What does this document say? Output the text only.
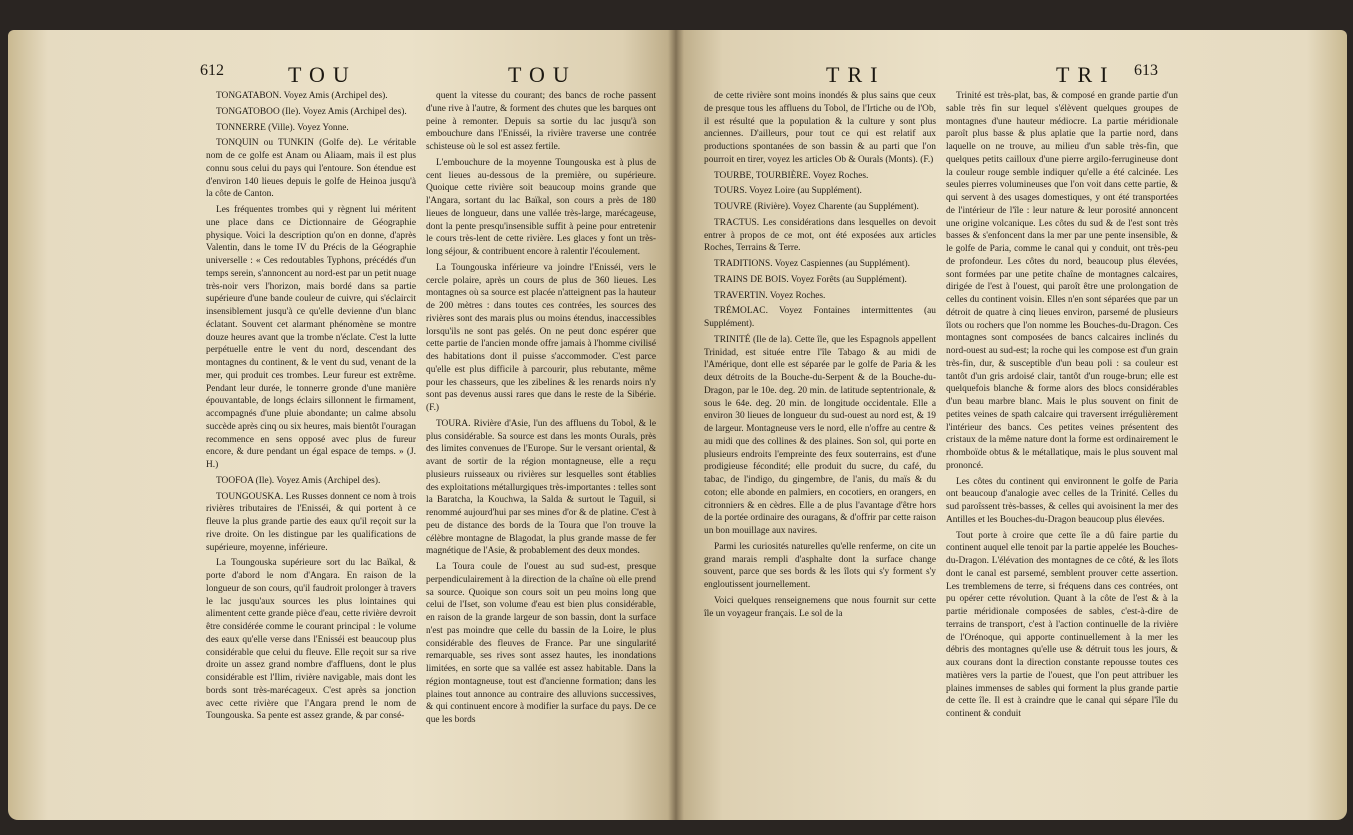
612	TOU	TOU

TONGATABON. Voyez Amis (Archipel des).

TONGATOBOO (Ile). Voyez Amis (Archipel des).

TONNERRE (Ville). Voyez Yonne.

TONQUIN ou TUNKIN (Golfe de). Le véritable nom de ce golfe est Anam ou Aliaam, mais il est plus connu sous celui du pays qui l'entoure. Son étendue est d'environ 140 lieues depuis le golfe de Heinoa jusqu'à la côte de Canton.

Les fréquentes trombes qui y règnent lui méritent une place dans ce Dictionnaire de Géographie physique. Voici la description qu'on en donne, d'après Valentin, dans le tome IV du Précis de la Géographie universelle : « Ces redoutables Typhons, précédés d'un temps serein, s'annoncent au nord-est par un petit nuage très-noir vers l'horizon, mais bordé dans sa partie supérieure d'une bande couleur de cuivre, qui s'éclaircit insensiblement jusqu'à ce qu'elle devienne d'un blanc éclatant. Souvent cet alarmant phénomène se montre douze heures avant que la trombe n'éclate. C'est la lutte perpétuelle entre le vent du nord, descendant des montagnes du continent, & le vent du sud, venant de la mer, qui produit ces trombes. Leur fureur est extrême. Pendant leur durée, le tonnerre gronde d'une manière épouvantable, de longs éclairs sillonnent le firmament, accompagnés d'une pluie abondante; un calme absolu succède après cinq ou six heures, mais bientôt l'ouragan recommence en sens opposé avec plus de fureur encore, & dure pendant un égal espace de temps. » (J. H.)

TOOFOA (Ile). Voyez Amis (Archipel des).

TOUNGOUSKA. Les Russes donnent ce nom à trois rivières tributaires de l'Enisséi, & qui portent à ce fleuve la plus grande partie des eaux qu'il reçoit sur la rive droite. On les distingue par les qualifications de supérieure, moyenne, inférieure.

La Toungouska supérieure sort du lac Baïkal, & porte d'abord le nom d'Angara. En raison de la longueur de son cours, qu'il faudroit prolonger à travers le lac jusqu'aux sources les plus lointaines qui alimentent cette grande pièce d'eau, cette rivière devroit être considérée comme le courant principal : le volume des eaux qu'elle verse dans l'Enisséi est beaucoup plus considérable que celui du fleuve. Elle reçoit sur sa rive droite un assez grand nombre d'affluens, dont le plus considérable est l'Ilim, rivière navigable, mais dont les bords sont très-marécageux. C'est après sa jonction avec cette rivière que l'Angara prend le nom de Toungouska. Sa pente est assez grande, & par consé-

quent la vitesse du courant; des bancs de roche passent d'une rive à l'autre, & forment des chutes que les barques ont peine à remonter. Depuis sa sortie du lac jusqu'à son embouchure dans l'Enisséi, la rivière traverse une contrée schisteuse où le sol est assez fertile.

L'embouchure de la moyenne Toungouska est à plus de cent lieues au-dessous de la première, ou supérieure. Quoique cette rivière soit beaucoup moins grande que l'Angara, sortant du lac Baïkal, son cours a près de 180 lieues de longueur, dans une vallée très-large, marécageuse, dont la pente presqu'insensible suffit à peine pour entretenir le cours très-lent de cette rivière. Les glaces y font un très-long séjour, & contribuent encore à ralentir l'écoulement.

La Toungouska inférieure va joindre l'Enisséi, vers le cercle polaire, après un cours de plus de 360 lieues. Les montagnes où sa source est placée n'atteignent pas la hauteur de 200 mètres : dans toutes ces contrées, les sources des rivières sont des marais plus ou moins étendus, inaccessibles lorsqu'ils ne sont pas gelés. On ne peut donc espérer que cette partie de l'ancien monde offre jamais à l'homme civilisé des habitations dont il puisse s'accommoder. C'est parce qu'elle est plus difficile à parcourir, plus rebutante, même pour les chasseurs, que les zibelines & les renards noirs n'y sont pas devenus aussi rares que dans le reste de la Sibérie. (F.)

TOURA. Rivière d'Asie, l'un des affluens du Tobol, & le plus considérable. Sa source est dans les monts Ourals, près des limites convenues de l'Europe. Sur le versant oriental, & avant de sortir de la région montagneuse, elle a reçu plusieurs ruisseaux ou rivières sur lesquelles sont établies des exploitations métallurgiques très-importantes : telles sont la Baratcha, la Kouchwa, la Salda & surtout le Taguil, si renommé aujourd'hui par ses mines d'or & de platine. C'est à peu de distance des bords de la Toura que l'on trouve la célèbre montagne de Blagodat, la plus grande masse de fer magnétique de l'Asie, & probablement des deux mondes.

La Toura coule de l'ouest au sud sud-est, presque perpendiculairement à la direction de la chaîne où elle prend sa source. Quoique son cours soit un peu moins long que celui de l'Iset, son volume d'eau est bien plus considérable, en raison de la grande largeur de son bassin, dont la surface n'est pas moindre que celle du bassin de la Loire, le plus considérable des fleuves de France. Par une singularité remarquable, ses rives sont assez hautes, les inondations limitées, en sorte que sa vallée est assez habitable. Dans la région montagneuse, tout est d'ancienne formation; dans les plaines tout annonce au contraire des alluvions successives, & qui continuent encore à modifier la surface du pays. De ce que les bords

TRI	TRI 613

de cette rivière sont moins inondés & plus sains que ceux de presque tous les affluens du Tobol, de l'Irtiche ou de l'Ob, il est résulté que la population & la culture y sont plus anciennes. D'ailleurs, pour tout ce qui est relatif aux productions spontanées de son bassin & au parti que l'on pourroit en tirer, voyez les articles Ob & Ourals (Monts). (F.)

TOURBE, TOURBIÈRE. Voyez Roches.

TOURS. Voyez Loire (au Supplément).

TOUVRE (Rivière). Voyez Charente (au Supplément).

TRACTUS. Les considérations dans lesquelles on devoit entrer à propos de ce mot, ont été exposées aux articles Roches, Terrains & Terre.

TRADITIONS. Voyez Caspiennes (au Supplément).

TRAINS DE BOIS. Voyez Forêts (au Supplément).

TRAVERTIN. Voyez Roches.

TRÉMOLAC. Voyez Fontaines intermittentes (au Supplément).

TRINITÉ (Ile de la). Cette île, que les Espagnols appellent Trinidad, est située entre l'île Tabago & au midi de l'Amérique, dont elle est séparée par le golfe de Paria & les deux détroits de la Bouche-du-Serpent & de la Bouche-du-Dragon, par le 10e. deg. 20 min. de latitude septentrionale, & sous le 64e. deg. 20 min. de longitude occidentale. Elle a environ 30 lieues de longueur du sud-ouest au nord est, & 19 de largeur. Montagneuse vers le nord, elle n'offre au centre & au midi que des collines & des plaines. Son sol, qui porte en plusieurs endroits l'empreinte des feux souterrains, est d'une prodigieuse fécondité; elle produit du sucre, du café, du tabac, de l'indigo, du gingembre, de l'anis, du maïs & du coton; elle abonde en palmiers, en cocotiers, en orangers, en citronniers & en cèdres. Elle a de plus l'avantage d'être hors de la portée ordinaire des ouragans, & d'offrir par cette raison un bon mouillage aux navires.

Parmi les curiosités naturelles qu'elle renferme, on cite un grand marais rempli d'asphalte dont la surface change souvent, parce que ses bords & les îlots qui s'y forment s'y engloutissent journellement.

Voici quelques renseignemens que nous fournit sur cette île un voyageur français. Le sol de la

Trinité est très-plat, bas, & composé en grande partie d'un sable très fin sur lequel s'élèvent quelques groupes de montagnes d'une hauteur médiocre. La partie méridionale paroît plus basse & plus aplatie que la partie nord, dans laquelle on ne trouve, au milieu d'un sable très-fin, que quelques petits cailloux d'une pierre argilo-ferrugineuse dont la couleur rouge semble indiquer qu'elle a été calcinée. Les seules pierres volumineuses que l'on voit dans cette partie, & qui servent à des usages domestiques, y ont été transportées de l'intérieur de l'île : leur nature & leur porosité annoncent une origine volcanique. Les côtes du sud & de l'est sont très basses & s'enfoncent dans la mer par une pente insensible, & le golfe de Paria, comme le canal qui y conduit, ont très-peu de profondeur. Les côtes du nord, beaucoup plus élevées, sont formées par une petite chaîne de montagnes calcaires, dirigée de l'est à l'ouest, qui paroît être une prolongation de celles du continent voisin. Elles n'en sont séparées que par un détroit de quatre à cinq lieues environ, parsemé de plusieurs îlots ou rochers que l'on nomme les Bouches-du-Dragon. Ces montagnes sont composées de bancs calcaires inclinés du nord-ouest au sud-est; la roche qui les compose est d'un grain très-fin, dur, & susceptible d'un beau poli : sa couleur est tantôt d'un gris ardoisé clair, tantôt d'un rouge-brun; elle est quelquefois blanche & forme alors des blocs considérables d'un beau marbre blanc. Mais le plus souvent on finit de petites veines de spath calcaire qui traversent irrégulièrement l'intérieur des bancs. Ces petites veines présentent des cristaux de la même nature dont la forme est ordinairement le rhomboïde obtus & le métallatique, mais le plus souvent mal prononcé.

Les côtes du continent qui environnent le golfe de Paria ont beaucoup d'analogie avec celles de la Trinité. Celles du sud paroîssent très-basses, & celles qui avoisinent la mer des Antilles et les Bouches-du-Dragon beaucoup plus élevées.

Tout porte à croire que cette île a dû faire partie du continent auquel elle tenoit par la partie appelée les Bouches-du-Dragon. L'élévation des montagnes de ce côté, & les îlots dont le canal est parsemé, semblent prouver cette assertion. Les tremblemens de terre, si fréquens dans ces contrées, ont pu opérer cette révolution. Quant à la côte de l'est & à la partie méridionale composées de sables, c'est-à-dire de terrains de transport, c'est à l'action continuelle de la rivière de l'Orénoque, qui apporte continuellement à la mer les débris des montagnes qu'elle use & détruit tous les jours, & aux courans dont la direction constante repousse toutes ces matières vers la partie de l'ouest, que l'on peut attribuer les plaines immenses de sables qui forment la plus grande partie de cette île. Il est à craindre que le canal qui sépare l'île du continent & conduit
